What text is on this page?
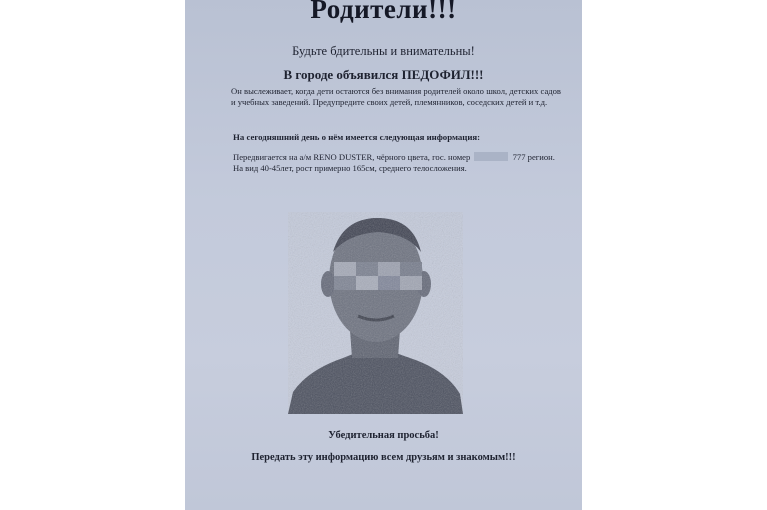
Родители!!!
Будьте бдительны и внимательны!
В городе объявился ПЕДОФИЛ!!!
Он выслеживает, когда дети остаются без внимания родителей около школ, детских садов и учебных заведений. Предупредите своих детей, племянников, соседских детей и т.д.
На сегодняшний день о нём имеется следующая информация:
Передвигается на а/м RENO DUSTER, чёрного цвета, гос. номер	777 регион. На вид 40-45лет, рост примерно 165см, среднего телосложения.
Убедительная просьба!
Передать эту информацию всем друзьям и знакомым!!!
